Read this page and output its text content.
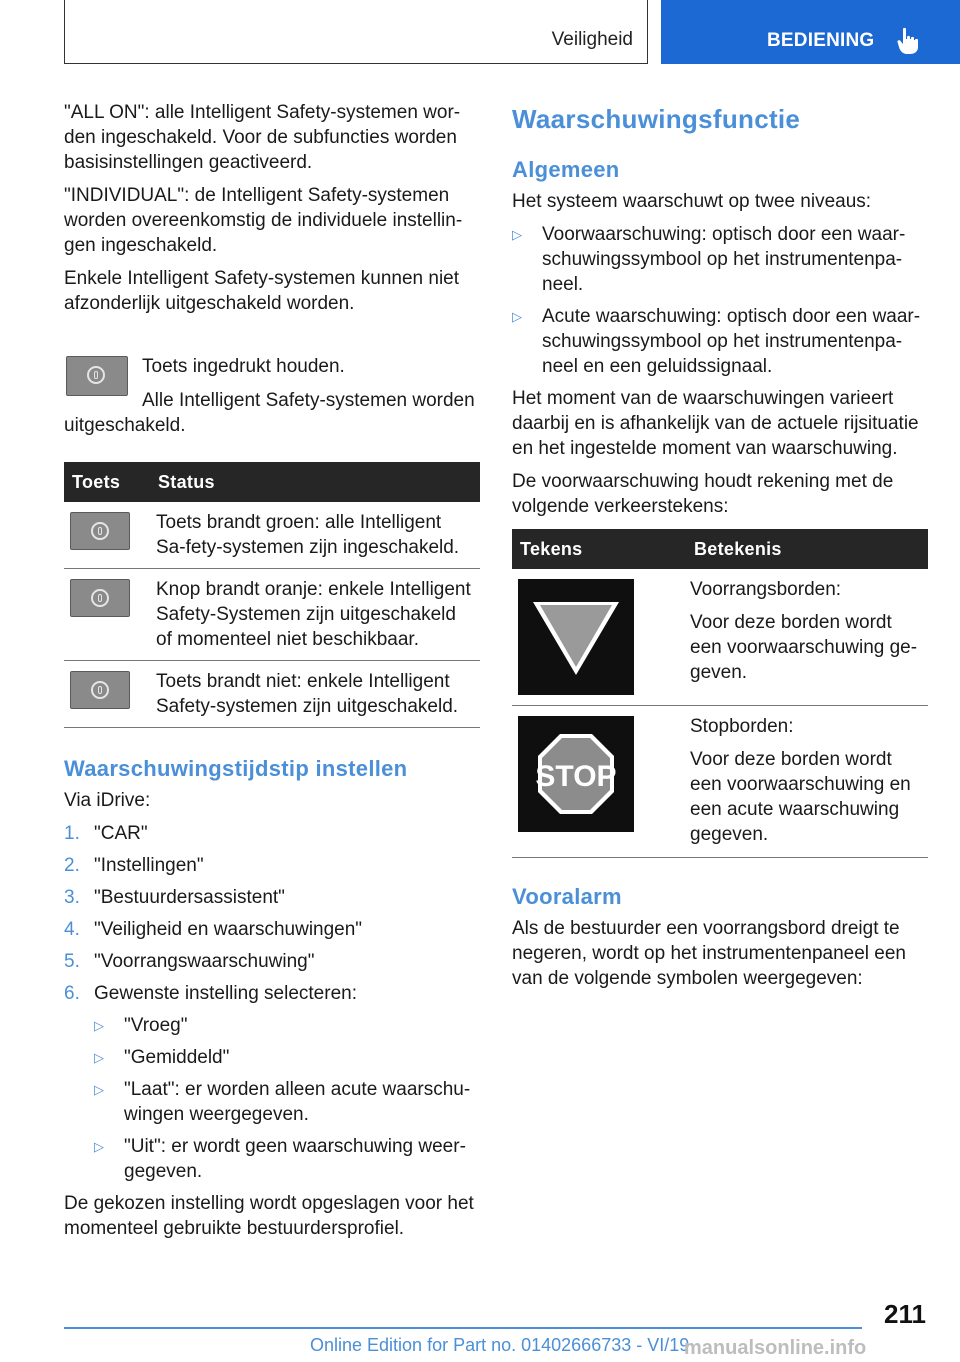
Veiligheid	BEDIENING

"ALL ON": alle Intelligent Safety-systemen wor-den ingeschakeld. Voor de subfuncties worden basisinstellingen geactiveerd.

"INDIVIDUAL": de Intelligent Safety-systemen worden overeenkomstig de individuele instellin-gen ingeschakeld.

Enkele Intelligent Safety-systemen kunnen niet afzonderlijk uitgeschakeld worden.

Toets ingedrukt houden.
Alle Intelligent Safety-systemen worden
uitgeschakeld.
Toets	Status

	Toets brandt groen: alle Intelligent Sa-fety-systemen zijn ingeschakeld.

	Knop brandt oranje: enkele Intelligent Safety-Systemen zijn uitgeschakeld of momenteel niet beschikbaar.

	Toets brandt niet: enkele Intelligent Safety-systemen zijn uitgeschakeld.
Waarschuwingstijdstip instellen

Via iDrive:

1. "CAR"
2. "Instellingen"
3. "Bestuurdersassistent"
4. "Veiligheid en waarschuwingen"
5. "Voorrangswaarschuwing"
6. Gewenste instelling selecteren:
▷ "Vroeg"
▷ "Gemiddeld"
▷ "Laat": er worden alleen acute waarschu-wingen weergegeven.
▷ "Uit": er wordt geen waarschuwing weer-gegeven.

De gekozen instelling wordt opgeslagen voor het momenteel gebruikte bestuurdersprofiel.

Waarschuwingsfunctie
Algemeen

Het systeem waarschuwt op twee niveaus:

▷ Voorwaarschuwing: optisch door een waar-schuwingssymbool op het instrumentenpa-neel.
▷ Acute waarschuwing: optisch door een waar-schuwingssymbool op het instrumentenpa-neel en een geluidssignaal.

Het moment van de waarschuwingen varieert daarbij en is afhankelijk van de actuele rijsituatie en het ingestelde moment van waarschuwing.

De voorwaarschuwing houdt rekening met de volgende verkeerstekens:

Tekens	Betekenis

Voorrangsborden:
Voor deze borden wordt een voorwaarschuwing ge-geven.

STOP	Stopborden:
Voor deze borden wordt een voorwaarschuwing en een acute waarschuwing gegeven.
Vooralarm

Als de bestuurder een voorrangsbord dreigt te negeren, wordt op het instrumentenpaneel een van de volgende symbolen weergegeven:

211
Online Edition for Part no. 01402666733 - VI/19
manualsonline.info
